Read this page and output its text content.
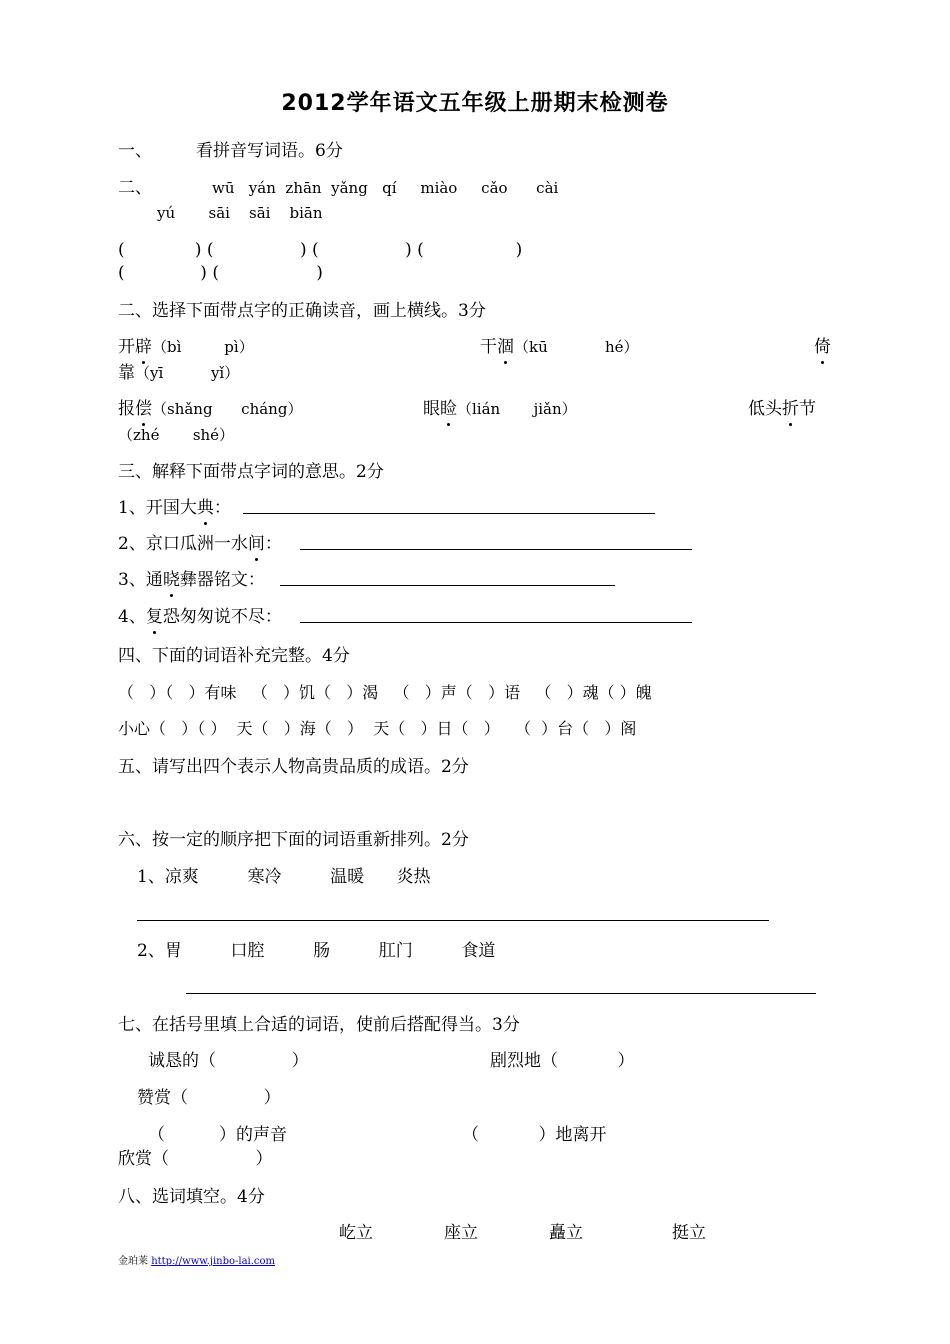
2012学年语文五年级上册期末检测卷
一、	看拼音写词语。6分
二、	wū   yán  zhān  yǎng   qí     miào     cǎo      cài
yú       sāi    sāi    biān
(             ) (                ) (                ) (                 )
(              ) (                  )
二、选择下面带点字的正确读音，画上横线。3分
开辟（bì         pì）	干涸（kū            hé）	倚
靠（yī          yǐ）
报偿（shǎng      cháng）	眼睑（lián       jiǎn）	低头折节
（zhé       shé）
三、解释下面带点字词的意思。2分
1、开国大典：
2、京口瓜洲一水间：
3、通晓彝器铭文：
4、复恐匆匆说不尽：
四、下面的词语补充完整。4分
（   ）（   ）有味   （   ）饥（   ）渴   （   ）声（   ）语   （   ）魂（ ）魄
小心（   ）（ ）  天（   ）海（   ）  天（   ）日（   ）   （  ）台（   ）阁
五、请写出四个表示人物高贵品质的成语。2分
六、按一定的顺序把下面的词语重新排列。2分
1、凉爽         寒冷         温暖      炎热
2、胃         口腔         肠         肛门         食道
七、在括号里填上合适的词语，使前后搭配得当。3分
诚恳的（              ）	剧烈地（           ）
赞赏（              ）
（          ）的声音	（           ）地离开
欣赏（                ）
八、选词填空。4分
屹立	座立	矗立	挺立
金珀莱 http://www.jinbo-lai.com
